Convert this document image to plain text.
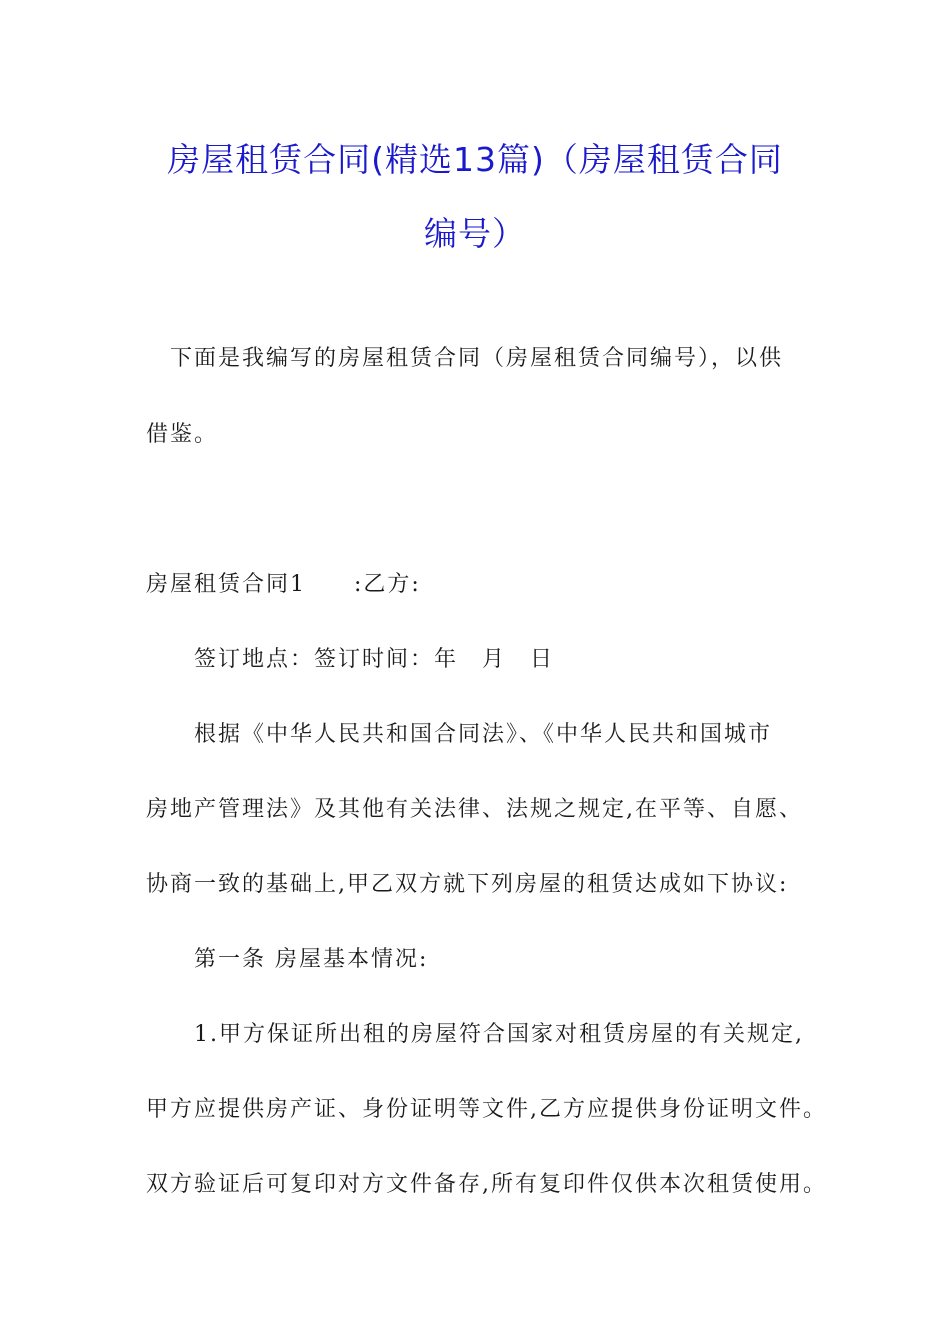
房屋租赁合同(精选13篇)（房屋租赁合同
编号）
下面是我编写的房屋租赁合同（房屋租赁合同编号），以供
借鉴。
房屋租赁合同1　　:乙方:
签订地点：签订时间：年　月　日
根据《中华人民共和国合同法》、《中华人民共和国城市
房地产管理法》及其他有关法律、法规之规定,在平等、自愿、
协商一致的基础上,甲乙双方就下列房屋的租赁达成如下协议:
第一条 房屋基本情况:
1.甲方保证所出租的房屋符合国家对租赁房屋的有关规定,
甲方应提供房产证、身份证明等文件,乙方应提供身份证明文件。
双方验证后可复印对方文件备存,所有复印件仅供本次租赁使用。
